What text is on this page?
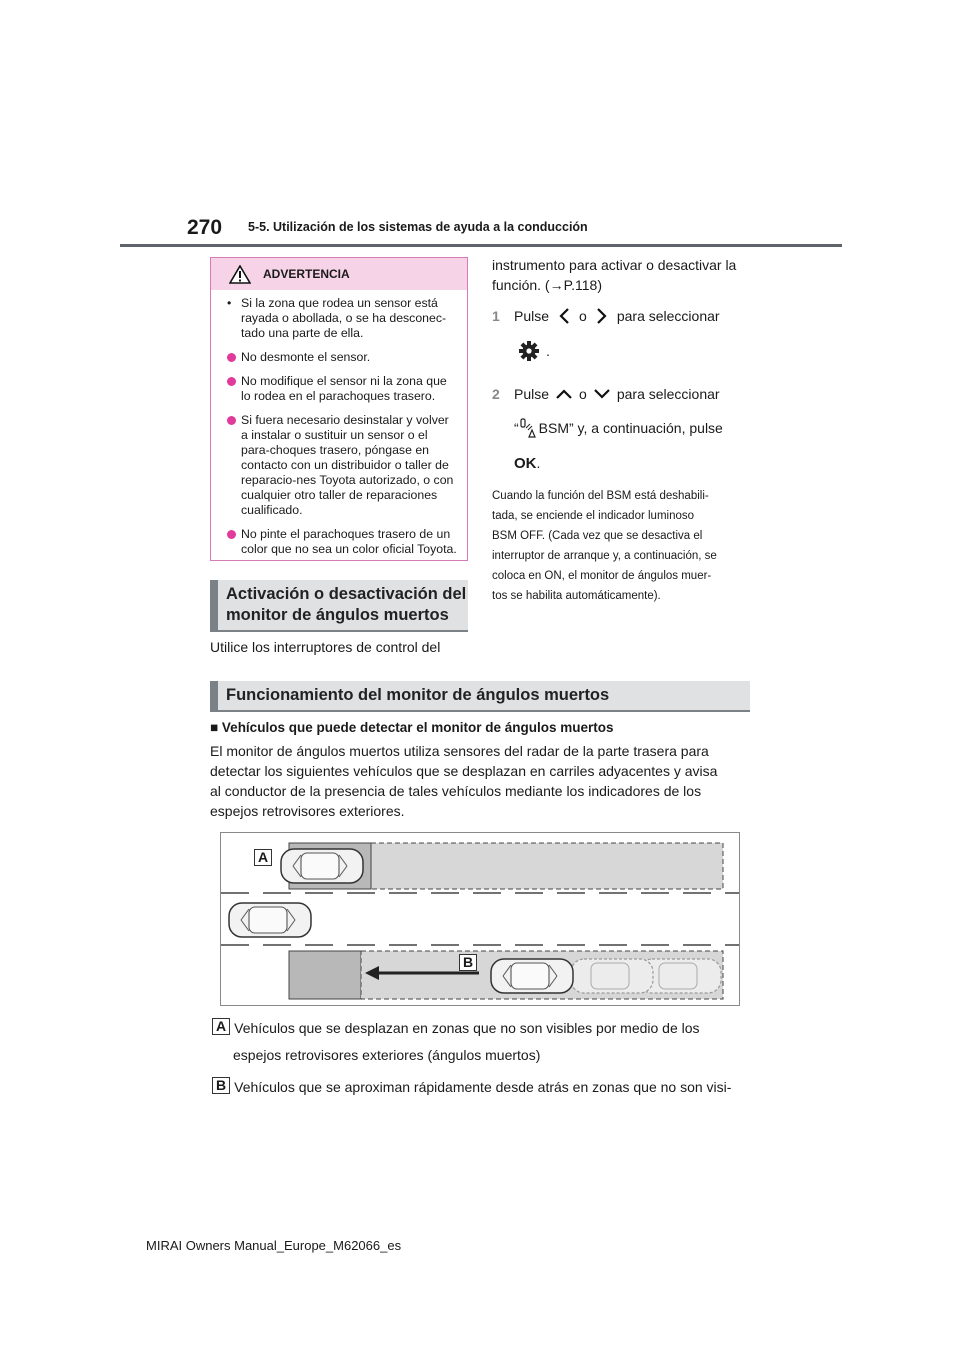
270 5-5. Utilización de los sistemas de ayuda a la conducción
ADVERTENCIA
• Si la zona que rodea un sensor está rayada o abollada, o se ha desconec-tado una parte de ella.
No desmonte el sensor.
No modifique el sensor ni la zona que lo rodea en el parachoques trasero.
Si fuera necesario desinstalar y volver a instalar o sustituir un sensor o el para-choques trasero, póngase en contacto con un distribuidor o taller de reparacio-nes Toyota autorizado, o con cualquier otro taller de reparaciones cualificado.
No pinte el parachoques trasero de un color que no sea un color oficial Toyota.
Activación o desactivación del
monitor de ángulos muertos
Utilice los interruptores de control del
instrumento para activar o desactivar la
función. (→P.118)
1	Pulse o para seleccionar
.
2	Pulse o para seleccionar
“ BSM” y, a continuación, pulse
OK .
Cuando la función del BSM está deshabili-
tada, se enciende el indicador luminoso
BSM OFF. (Cada vez que se desactiva el
interruptor de arranque y, a continuación, se
coloca en ON, el monitor de ángulos muer-
tos se habilita automáticamente).
Funcionamiento del monitor de ángulos muertos
■ Vehículos que puede detectar el monitor de ángulos muertos
El monitor de ángulos muertos utiliza sensores del radar de la parte trasera para
detectar los siguientes vehículos que se desplazan en carriles adyacentes y avisa
al conductor de la presencia de tales vehículos mediante los indicadores de los
espejos retrovisores exteriores.
A
B
A Vehículos que se desplazan en zonas que no son visibles por medio de los
espejos retrovisores exteriores (ángulos muertos)
B Vehículos que se aproximan rápidamente desde atrás en zonas que no son visi-
MIRAI Owners Manual_Europe_M62066_es
